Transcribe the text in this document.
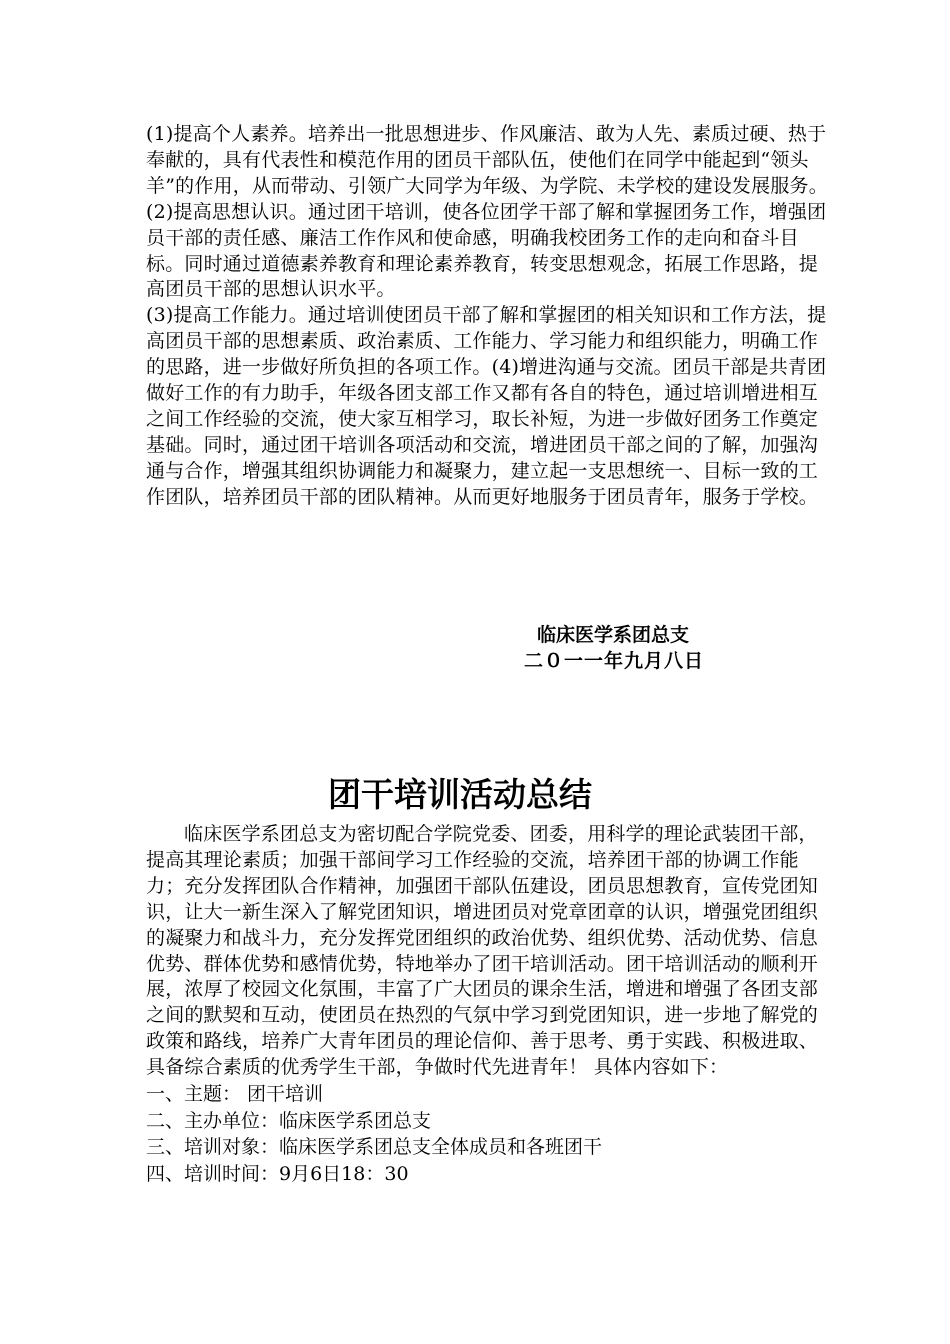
(1)提高个人素养。培养出一批思想进步、作风廉洁、敢为人先、素质过硬、热于奉献的，具有代表性和模范作用的团员干部队伍，使他们在同学中能起到“领头羊”的作用，从而带动、引领广大同学为年级、为学院、未学校的建设发展服务。

(2)提高思想认识。通过团干培训，使各位团学干部了解和掌握团务工作，增强团员干部的责任感、廉洁工作作风和使命感，明确我校团务工作的走向和奋斗目标。同时通过道德素养教育和理论素养教育，转变思想观念，拓展工作思路，提高团员干部的思想认识水平。

(3)提高工作能力。通过培训使团员干部了解和掌握团的相关知识和工作方法，提高团员干部的思想素质、政治素质、工作能力、学习能力和组织能力，明确工作的思路，进一步做好所负担的各项工作。(4)增进沟通与交流。团员干部是共青团做好工作的有力助手，年级各团支部工作又都有各自的特色，通过培训增进相互之间工作经验的交流，使大家互相学习，取长补短，为进一步做好团务工作奠定基础。同时，通过团干培训各项活动和交流，增进团员干部之间的了解，加强沟通与合作，增强其组织协调能力和凝聚力，建立起一支思想统一、目标一致的工作团队，培养团员干部的团队精神。从而更好地服务于团员青年，服务于学校。

临床医学系团总支
二０一一年九月八日
团干培训活动总结

临床医学系团总支为密切配合学院党委、团委，用科学的理论武装团干部，提高其理论素质；加强干部间学习工作经验的交流，培养团干部的协调工作能力；充分发挥团队合作精神，加强团干部队伍建设，团员思想教育，宣传党团知识，让大一新生深入了解党团知识，增进团员对党章团章的认识，增强党团组织的凝聚力和战斗力，充分发挥党团组织的政治优势、组织优势、活动优势、信息优势、群体优势和感情优势，特地举办了团干培训活动。团干培训活动的顺利开展，浓厚了校园文化氛围，丰富了广大团员的课余生活，增进和增强了各团支部之间的默契和互动，使团员在热烈的气氛中学习到党团知识，进一步地了解党的政策和路线，培养广大青年团员的理论信仰、善于思考、勇于实践、积极进取、具备综合素质的优秀学生干部，争做时代先进青年！ 具体内容如下：

一、主题： 团干培训

二、主办单位：临床医学系团总支

三、培训对象：临床医学系团总支全体成员和各班团干

四、培训时间：9月6日18：30
